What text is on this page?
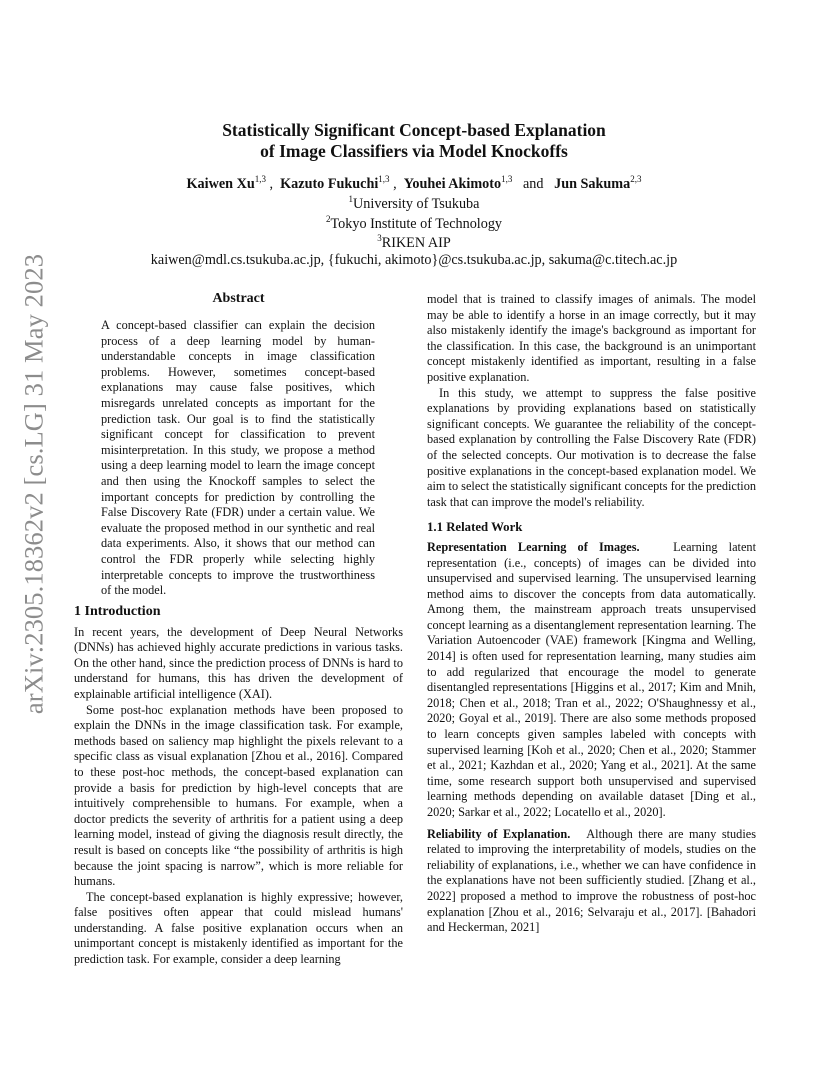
arXiv:2305.18362v2 [cs.LG] 31 May 2023
Statistically Significant Concept-based Explanation
of Image Classifiers via Model Knockoffs
Kaiwen Xu$^{1,3}$ ,  Kazuto Fukuchi$^{1,3}$ ,  Youhei Akimoto$^{1,3}$ and Jun Sakuma$^{2,3}$
$^1$University of Tsukuba
$^2$Tokyo Institute of Technology
$^3$RIKEN AIP
kaiwen@mdl.cs.tsukuba.ac.jp, {fukuchi, akimoto}@cs.tsukuba.ac.jp, sakuma@c.titech.ac.jp
Abstract
A concept-based classifier can explain the decision process of a deep learning model by human-understandable concepts in image classification problems. However, sometimes concept-based explanations may cause false positives, which misregards unrelated concepts as important for the prediction task. Our goal is to find the statistically significant concept for classification to prevent misinterpretation. In this study, we propose a method using a deep learning model to learn the image concept and then using the Knockoff samples to select the important concepts for prediction by controlling the False Discovery Rate (FDR) under a certain value. We evaluate the proposed method in our synthetic and real data experiments. Also, it shows that our method can control the FDR properly while selecting highly interpretable concepts to improve the trustworthiness of the model.

1 Introduction

In recent years, the development of Deep Neural Networks (DNNs) has achieved highly accurate predictions in various tasks. On the other hand, since the prediction process of DNNs is hard to understand for humans, this has driven the development of explainable artificial intelligence (XAI).

Some post-hoc explanation methods have been proposed to explain the DNNs in the image classification task. For example, methods based on saliency map highlight the pixels relevant to a specific class as visual explanation [Zhou et al., 2016]. Compared to these post-hoc methods, the concept-based explanation can provide a basis for prediction by high-level concepts that are intuitively comprehensible to humans. For example, when a doctor predicts the severity of arthritis for a patient using a deep learning model, instead of giving the diagnosis result directly, the result is based on concepts like “the possibility of arthritis is high because the joint spacing is narrow”, which is more reliable for humans.

The concept-based explanation is highly expressive; however, false positives often appear that could mislead humans' understanding. A false positive explanation occurs when an unimportant concept is mistakenly identified as important for the prediction task. For example, consider a deep learning

model that is trained to classify images of animals. The model may be able to identify a horse in an image correctly, but it may also mistakenly identify the image's background as important for the classification. In this case, the background is an unimportant concept mistakenly identified as important, resulting in a false positive explanation.

In this study, we attempt to suppress the false positive explanations by providing explanations based on statistically significant concepts. We guarantee the reliability of the concept-based explanation by controlling the False Discovery Rate (FDR) of the selected concepts. Our motivation is to decrease the false positive explanations in the concept-based explanation model. We aim to select the statistically significant concepts for the prediction task that can improve the model's reliability.

1.1 Related Work

Representation Learning of Images.	Learning latent representation (i.e., concepts) of images can be divided into unsupervised and supervised learning. The unsupervised learning method aims to discover the concepts from data automatically. Among them, the mainstream approach treats unsupervised concept learning as a disentanglement representation learning. The Variation Autoencoder (VAE) framework [Kingma and Welling, 2014] is often used for representation learning, many studies aim to add regularized that encourage the model to generate disentangled representations [Higgins et al., 2017; Kim and Mnih, 2018; Chen et al., 2018; Tran et al., 2022; O'Shaughnessy et al., 2020; Goyal et al., 2019]. There are also some methods proposed to learn concepts given samples labeled with concepts with supervised learning [Koh et al., 2020; Chen et al., 2020; Stammer et al., 2021; Kazhdan et al., 2020; Yang et al., 2021]. At the same time, some research support both unsupervised and supervised learning methods depending on available dataset [Ding et al., 2020; Sarkar et al., 2022; Locatello et al., 2020].

Reliability of Explanation. Although there are many studies related to improving the interpretability of models, studies on the reliability of explanations, i.e., whether we can have confidence in the explanations have not been sufficiently studied. [Zhang et al., 2022] proposed a method to improve the robustness of post-hoc explanation [Zhou et al., 2016; Selvaraju et al., 2017]. [Bahadori and Heckerman, 2021]
